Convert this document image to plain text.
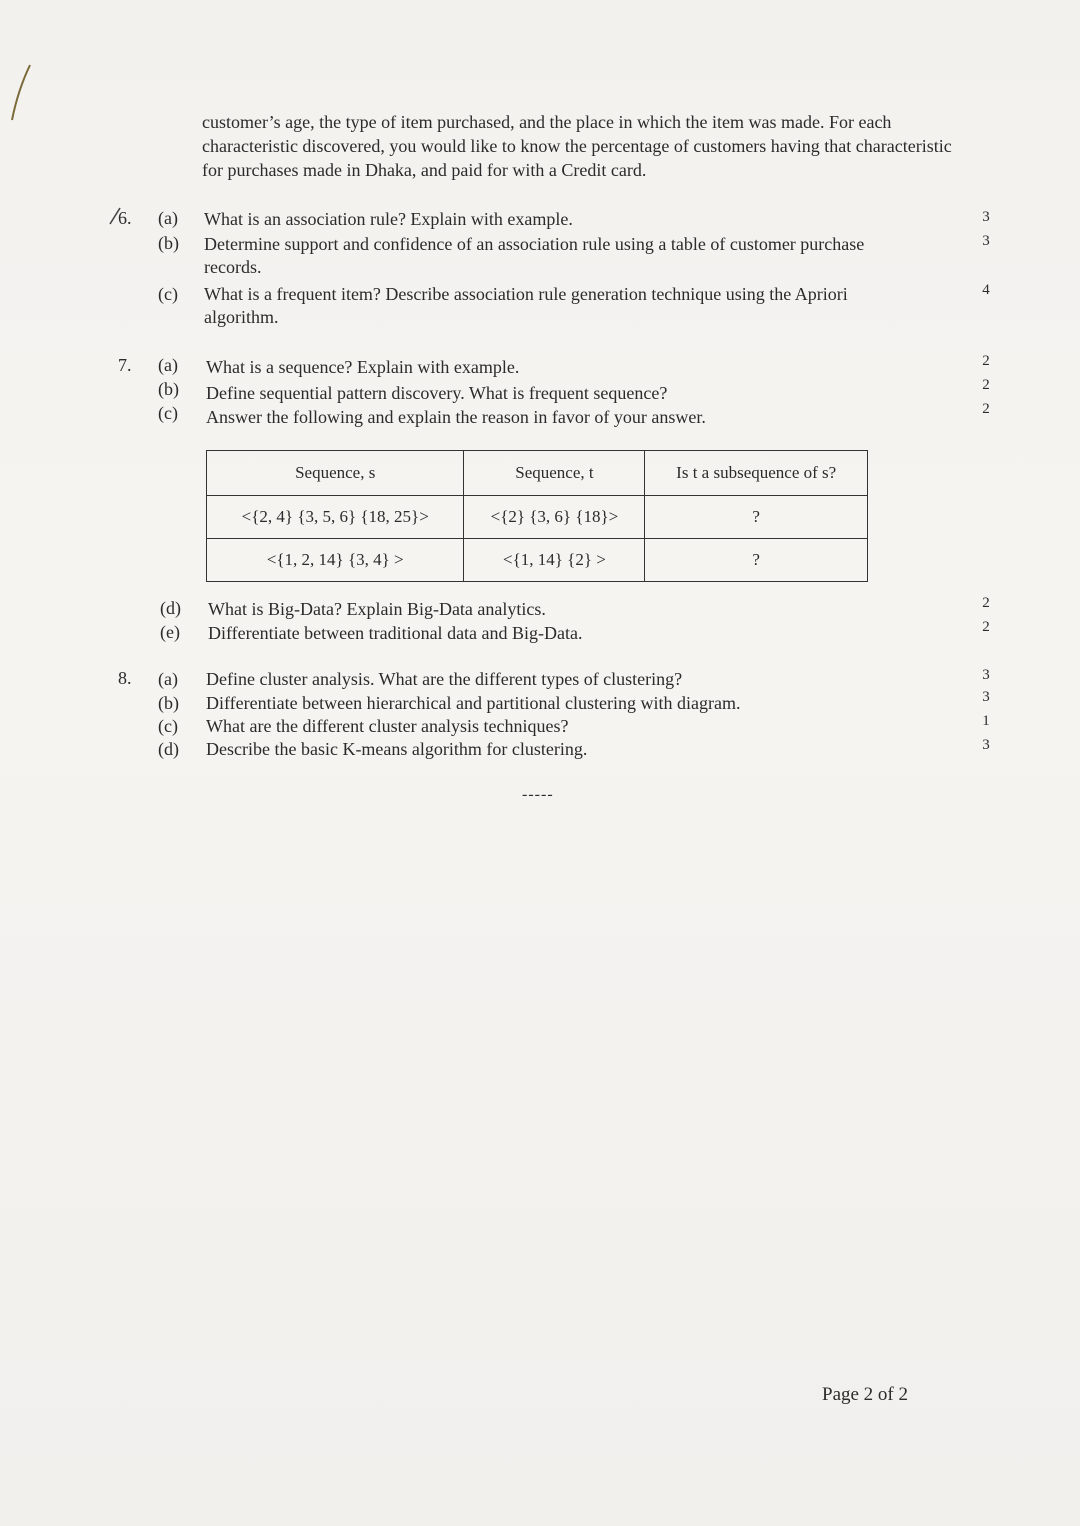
customer’s age, the type of item purchased, and the place in which the item was made. For each characteristic discovered, you would like to know the percentage of customers having that characteristic for purchases made in Dhaka, and paid for with a Credit card.
6. (a) What is an association rule? Explain with example.	3
(b) Determine support and confidence of an association rule using a table of customer purchase
records.
3
(c) What is a frequent item? Describe association rule generation technique using the Apriori
algorithm.
4
7. (a) What is a sequence? Explain with example.	2
(b) Define sequential pattern discovery. What is frequent sequence?	2
(c) Answer the following and explain the reason in favor of your answer.	2
Sequence, s	Sequence, t	Is t a subsequence of s?
<{2, 4} {3, 5, 6} {18, 25}>	<{2} {3, 6} {18}>	?
<{1, 2, 14} {3, 4} >	<{1, 14} {2} >	?
(d) What is Big-Data? Explain Big-Data analytics.	2
(e) Differentiate between traditional data and Big-Data.	2
8. (a) Define cluster analysis. What are the different types of clustering?	3
(b) Differentiate between hierarchical and partitional clustering with diagram.	3
(c) What are the different cluster analysis techniques?	1
(d) Describe the basic K-means algorithm for clustering.	3
-----
Page 2 of 2
